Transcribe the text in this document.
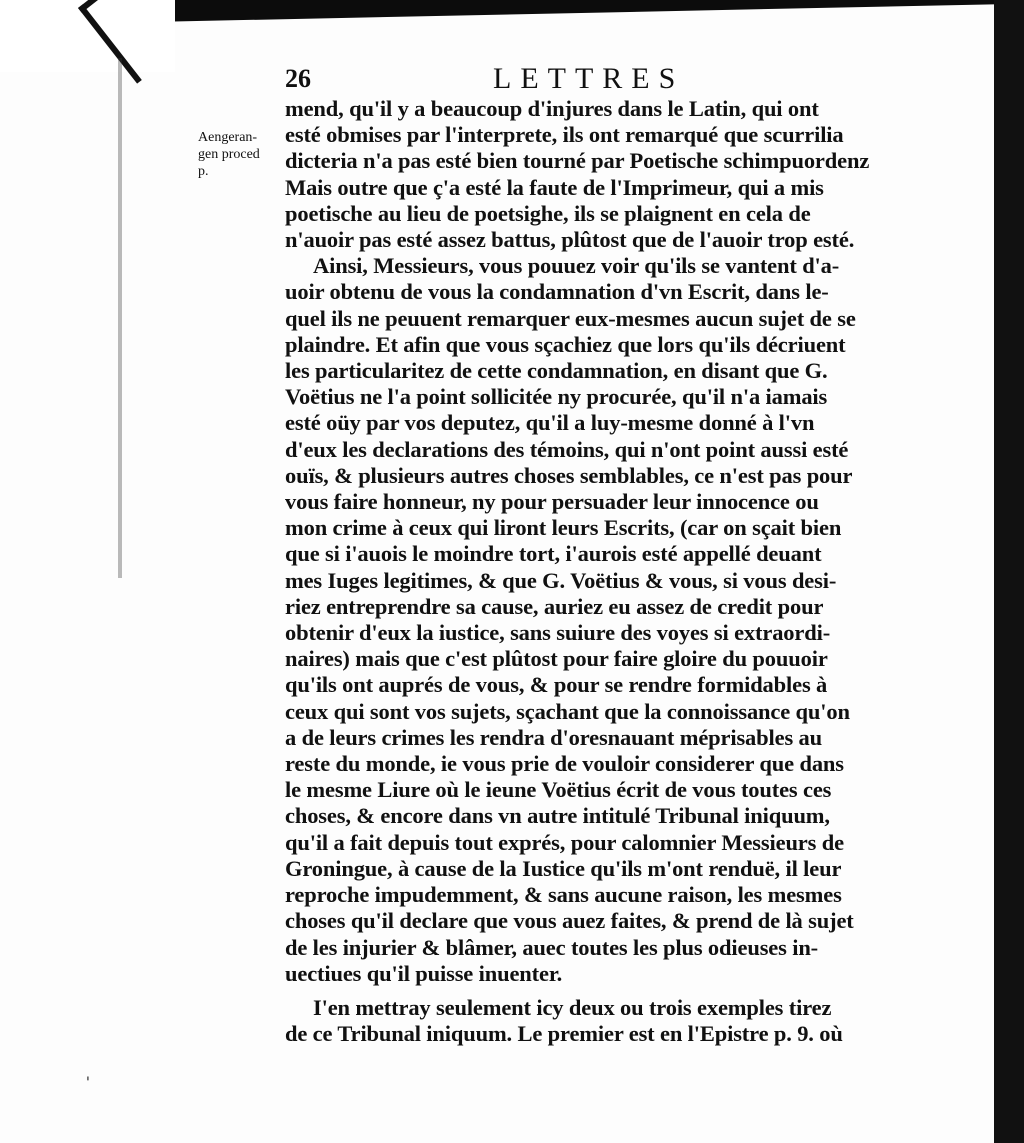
26	LETTRES
Aengeran-
gen proced
p.
mend, qu'il y a beaucoup d'injures dans le Latin, qui ont
esté obmises par l'interprete, ils ont remarqué que scurrilia
dicteria n'a pas esté bien tourné par Poetische schimpuordenz
Mais outre que ç'a esté la faute de l'Imprimeur, qui a mis
poetische au lieu de poetsighe, ils se plaignent en cela de
n'auoir pas esté assez battus, plûtost que de l'auoir trop esté.
Ainsi, Messieurs, vous pouuez voir qu'ils se vantent d'a-
uoir obtenu de vous la condamnation d'vn Escrit, dans le-
quel ils ne peuuent remarquer eux-mesmes aucun sujet de se
plaindre. Et afin que vous sçachiez que lors qu'ils décriuent
les particularitez de cette condamnation, en disant que G.
Voëtius ne l'a point sollicitée ny procurée, qu'il n'a iamais
esté oüy par vos deputez, qu'il a luy-mesme donné à l'vn
d'eux les declarations des témoins, qui n'ont point aussi esté
ouïs, & plusieurs autres choses semblables, ce n'est pas pour
vous faire honneur, ny pour persuader leur innocence ou
mon crime à ceux qui liront leurs Escrits, (car on sçait bien
que si i'auois le moindre tort, i'aurois esté appellé deuant
mes Iuges legitimes, & que G. Voëtius & vous, si vous desi-
riez entreprendre sa cause, auriez eu assez de credit pour
obtenir d'eux la iustice, sans suiure des voyes si extraordi-
naires) mais que c'est plûtost pour faire gloire du pouuoir
qu'ils ont auprés de vous, & pour se rendre formidables à
ceux qui sont vos sujets, sçachant que la connoissance qu'on
a de leurs crimes les rendra d'oresnauant méprisables au
reste du monde, ie vous prie de vouloir considerer que dans
le mesme Liure où le ieune Voëtius écrit de vous toutes ces
choses, & encore dans vn autre intitulé Tribunal iniquum,
qu'il a fait depuis tout exprés, pour calomnier Messieurs de
Groningue, à cause de la Iustice qu'ils m'ont renduë, il leur
reproche impudemment, & sans aucune raison, les mesmes
choses qu'il declare que vous auez faites, & prend de là sujet
de les injurier & blâmer, auec toutes les plus odieuses in-
uectiues qu'il puisse inuenter.
I'en mettray seulement icy deux ou trois exemples tirez
de ce Tribunal iniquum. Le premier est en l'Epistre p. 9. où
'
